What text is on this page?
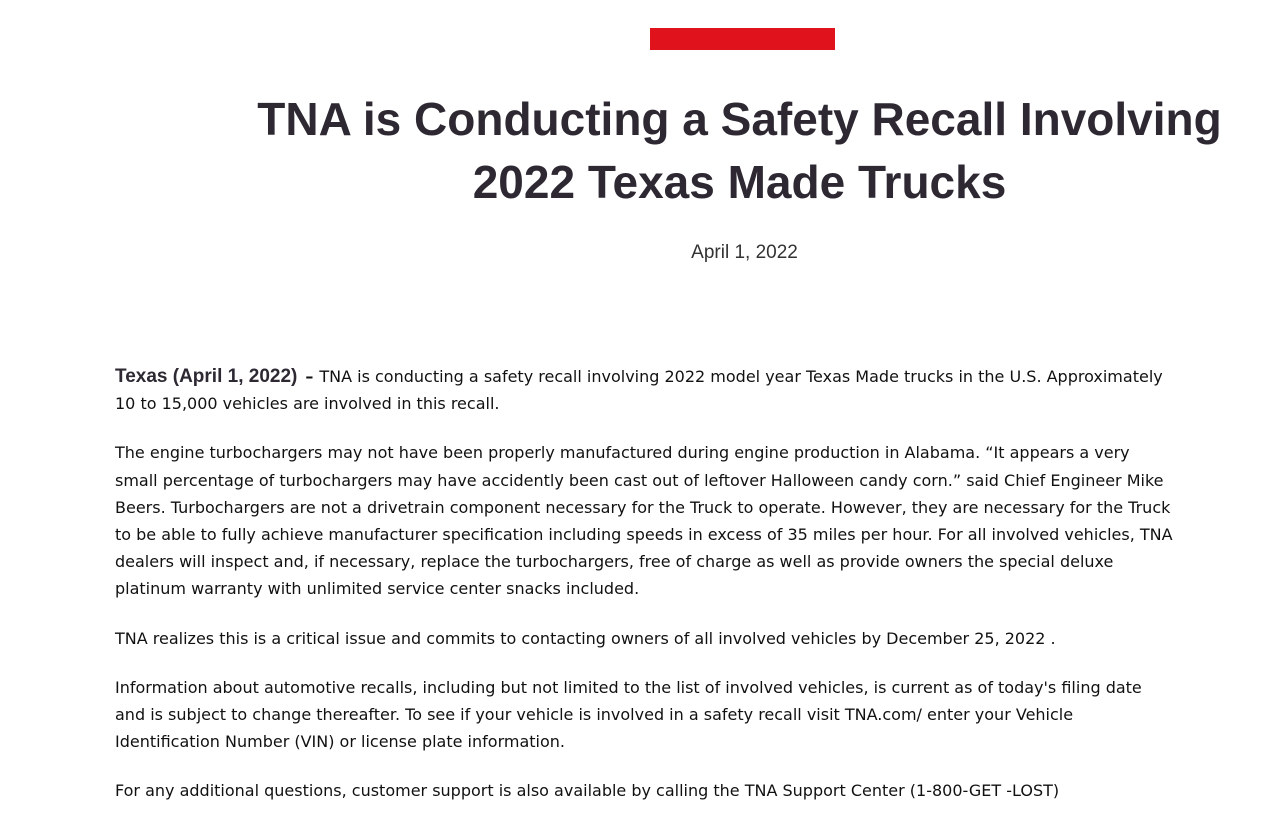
TNA is Conducting a Safety Recall Involving
2022 Texas Made Trucks
April 1, 2022

Texas (April 1, 2022) – TNA is conducting a safety recall involving 2022 model year Texas Made trucks in the U.S. Approximately 10 to 15,000 vehicles are involved in this recall.

The engine turbochargers may not have been properly manufactured during engine production in Alabama. “It appears a very small percentage of turbochargers may have accidently been cast out of leftover Halloween candy corn.” said Chief Engineer Mike Beers. Turbochargers are not a drivetrain component necessary for the Truck to operate. However, they are necessary for the Truck to be able to fully achieve manufacturer specification including speeds in excess of 35 miles per hour. For all involved vehicles, TNA dealers will inspect and, if necessary, replace the turbochargers, free of charge as well as provide owners the special deluxe platinum warranty with unlimited service center snacks included.

TNA realizes this is a critical issue and commits to contacting owners of all involved vehicles by December 25, 2022 .

Information about automotive recalls, including but not limited to the list of involved vehicles, is current as of today's filing date and is subject to change thereafter. To see if your vehicle is involved in a safety recall visit TNA.com/ enter your Vehicle Identification Number (VIN) or license plate information.

For any additional questions, customer support is also available by calling the TNA Support Center (1-800-GET -LOST)
